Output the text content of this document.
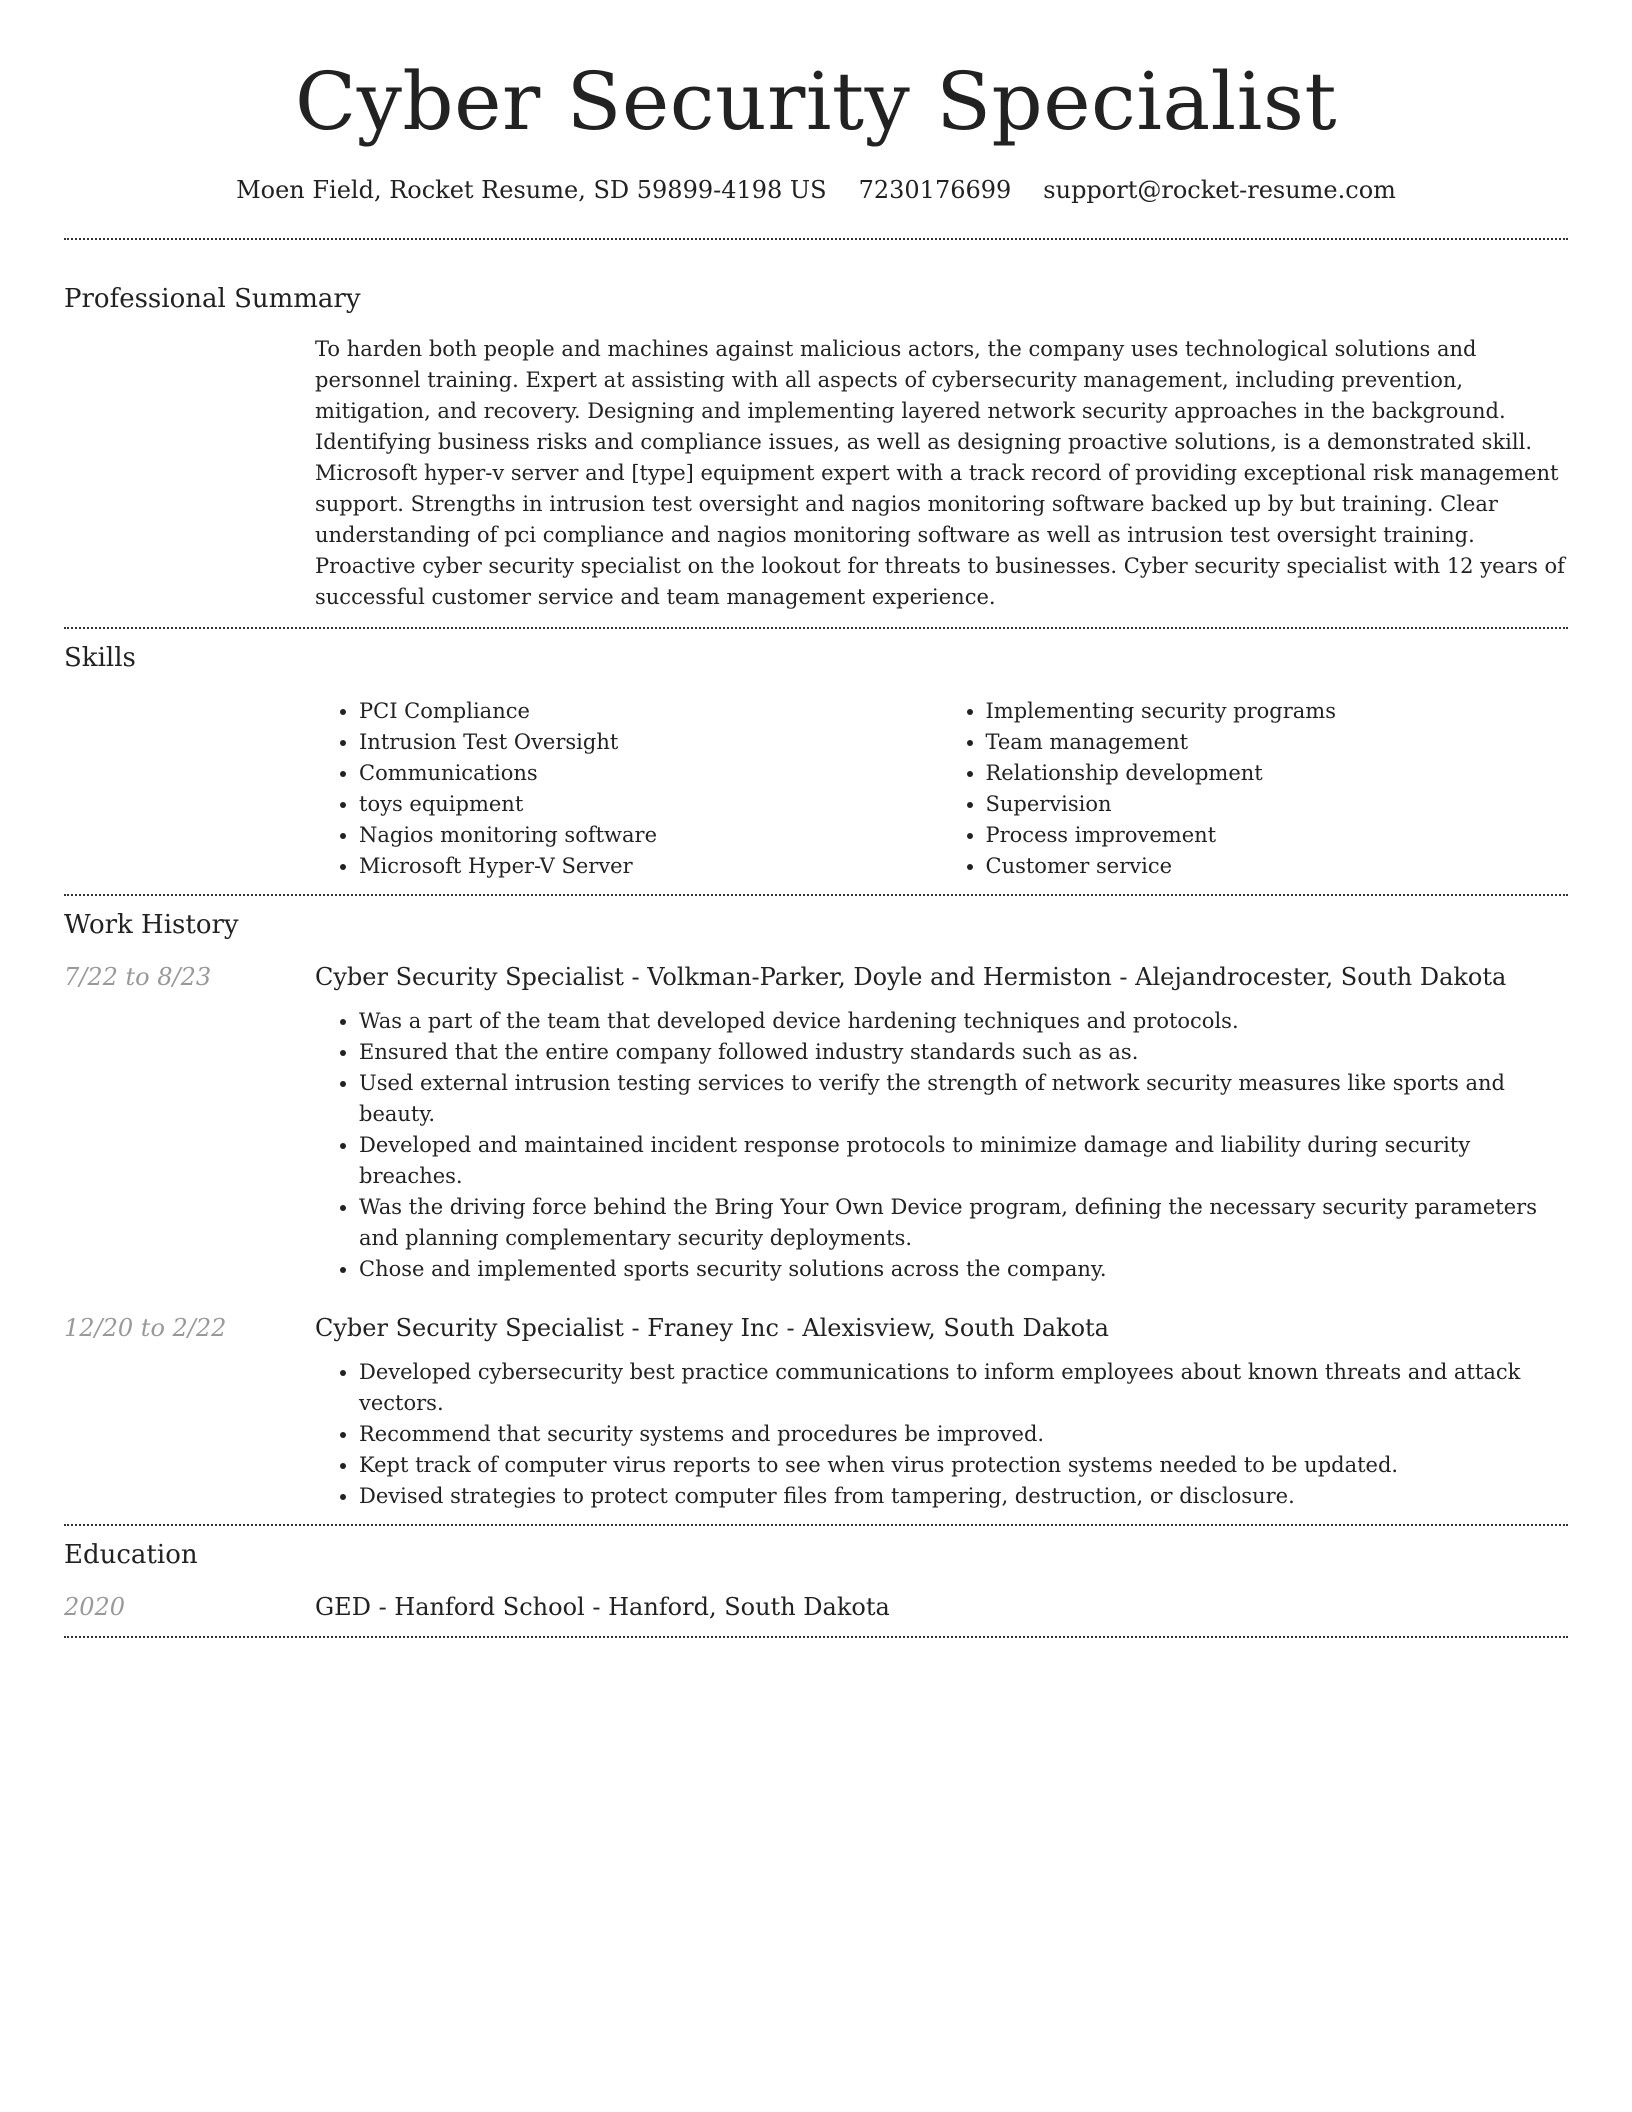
Cyber Security Specialist
Moen Field, Rocket Resume, SD 59899-4198 US 7230176699 support@rocket-resume.com
Professional Summary

To harden both people and machines against malicious actors, the company uses technological solutions and personnel training. Expert at assisting with all aspects of cybersecurity management, including prevention, mitigation, and recovery. Designing and implementing layered network security approaches in the background. Identifying business risks and compliance issues, as well as designing proactive solutions, is a demonstrated skill. Microsoft hyper-v server and [type] equipment expert with a track record of providing exceptional risk management support. Strengths in intrusion test oversight and nagios monitoring software backed up by but training. Clear understanding of pci compliance and nagios monitoring software as well as intrusion test oversight training. Proactive cyber security specialist on the lookout for threats to businesses. Cyber security specialist with 12 years of successful customer service and team management experience.

Skills
• PCI Compliance
• Intrusion Test Oversight
• Communications
• toys equipment
• Nagios monitoring software
• Microsoft Hyper-V Server
• Implementing security programs
• Team management
• Relationship development
• Supervision
• Process improvement
• Customer service
Work History
7/22 to 8/23	Cyber Security Specialist - Volkman-Parker, Doyle and Hermiston - Alejandrocester, South Dakota
• Was a part of the team that developed device hardening techniques and protocols.
• Ensured that the entire company followed industry standards such as as.
• Used external intrusion testing services to verify the strength of network security measures like sports and beauty.
• Developed and maintained incident response protocols to minimize damage and liability during security breaches.
• Was the driving force behind the Bring Your Own Device program, defining the necessary security parameters and planning complementary security deployments.
• Chose and implemented sports security solutions across the company.
12/20 to 2/22	Cyber Security Specialist - Franey Inc - Alexisview, South Dakota
• Developed cybersecurity best practice communications to inform employees about known threats and attack vectors.
• Recommend that security systems and procedures be improved.
• Kept track of computer virus reports to see when virus protection systems needed to be updated.
• Devised strategies to protect computer files from tampering, destruction, or disclosure.
Education
2020	GED - Hanford School - Hanford, South Dakota
